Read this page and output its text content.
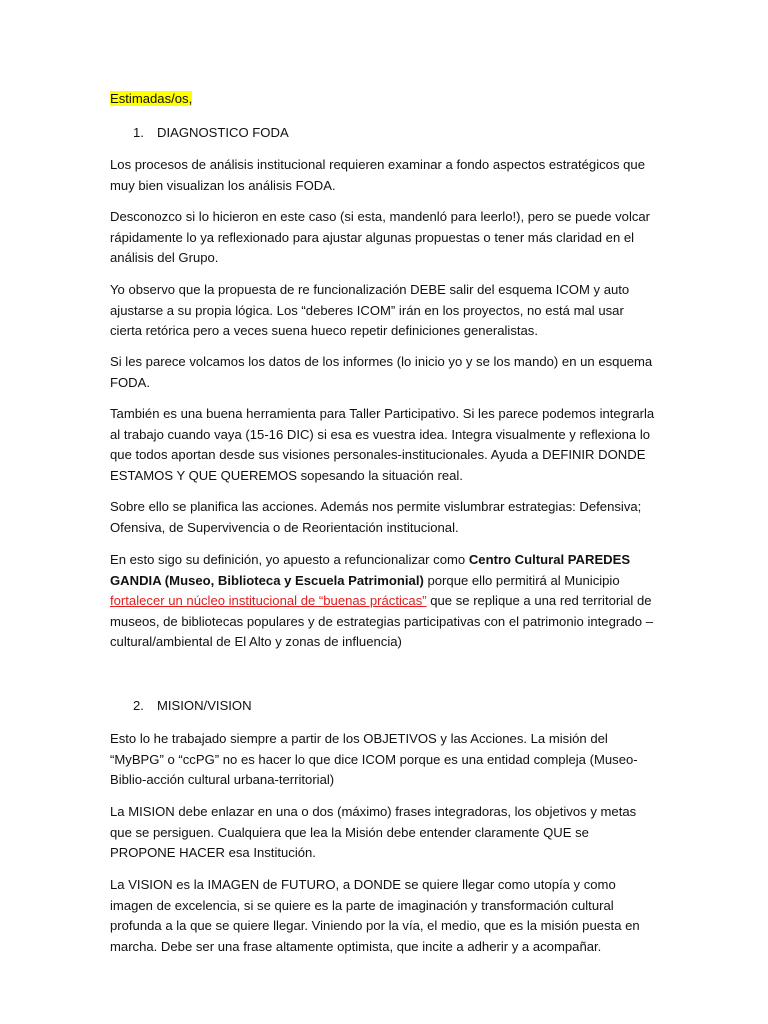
Estimadas/os,

1. DIAGNOSTICO FODA

Los procesos de análisis institucional requieren examinar a fondo aspectos estratégicos que muy bien visualizan los análisis FODA.

Desconozco si lo hicieron en este caso (si esta, mandenló para leerlo!), pero se puede volcar rápidamente lo ya reflexionado para ajustar algunas propuestas o tener más claridad en el análisis del Grupo.

Yo observo que la propuesta de re funcionalización DEBE salir del esquema ICOM y auto ajustarse a su propia lógica. Los “deberes ICOM” irán en los proyectos, no está mal usar cierta retórica pero a veces suena hueco repetir definiciones generalistas.

Si les parece volcamos los datos de los informes (lo inicio yo y se los mando) en un esquema FODA.

También es una buena herramienta para Taller Participativo. Si les parece podemos integrarla al trabajo cuando vaya (15-16 DIC) si esa es vuestra idea. Integra visualmente y reflexiona lo que todos aportan desde sus visiones personales-institucionales. Ayuda a DEFINIR DONDE ESTAMOS Y QUE QUEREMOS sopesando la situación real.

Sobre ello se planifica las acciones. Además nos permite vislumbrar estrategias: Defensiva; Ofensiva, de Supervivencia o de Reorientación institucional.

En esto sigo su definición, yo apuesto a refuncionalizar como Centro Cultural PAREDES GANDIA (Museo, Biblioteca y Escuela Patrimonial) porque ello permitirá al Municipio fortalecer un núcleo institucional de “buenas prácticas” que se replique a una red territorial de museos, de bibliotecas populares y de estrategias participativas con el patrimonio integrado – cultural/ambiental de El Alto y zonas de influencia)

2. MISION/VISION

Esto lo he trabajado siempre a partir de los OBJETIVOS y las Acciones. La misión del “MyBPG” o “ccPG” no es hacer lo que dice ICOM porque es una entidad compleja (Museo-Biblio-acción cultural urbana-territorial)

La MISION debe enlazar en una o dos (máximo) frases integradoras, los objetivos y metas que se persiguen. Cualquiera que lea la Misión debe entender claramente QUE se PROPONE HACER esa Institución.

La VISION es la IMAGEN de FUTURO, a DONDE se quiere llegar como utopía y como imagen de excelencia, si se quiere es la parte de imaginación y transformación cultural profunda a la que se quiere llegar. Viniendo por la vía, el medio, que es la misión puesta en marcha. Debe ser una frase altamente optimista, que incite a adherir y a acompañar.
